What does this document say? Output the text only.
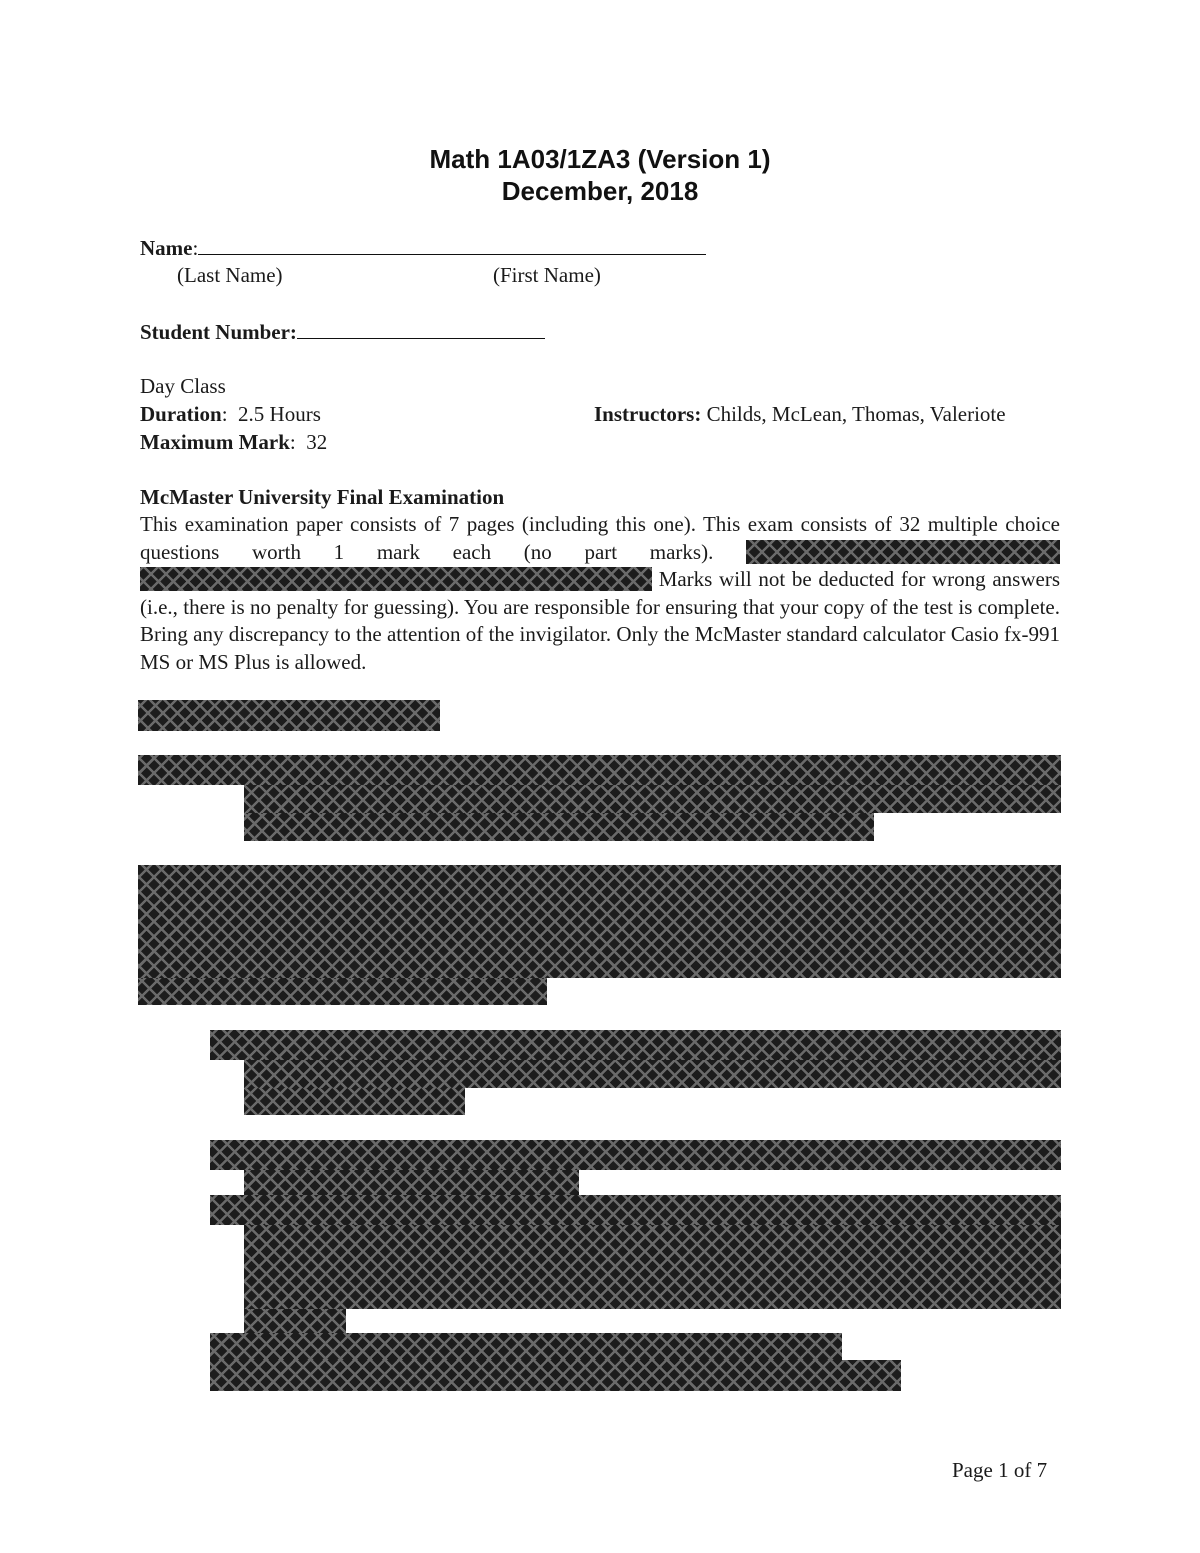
Math 1A03/1ZA3 (Version 1)
December, 2018
Name:
(Last Name)	(First Name)
Student Number:
Day Class
Duration:  2.5 Hours	Instructors: Childs, McLean, Thomas, Valeriote
Maximum Mark:  32
McMaster University Final Examination
This examination paper consists of 7 pages (including this one). This exam consists of 32 multiple choice questions worth 1 mark each (no part marks).   Marks will not be deducted for wrong answers (i.e., there is no penalty for guessing). You are responsible for ensuring that your copy of the test is complete. Bring any discrepancy to the attention of the invigilator. Only the McMaster standard calculator Casio fx-991 MS or MS Plus is allowed.
Page 1 of 7
